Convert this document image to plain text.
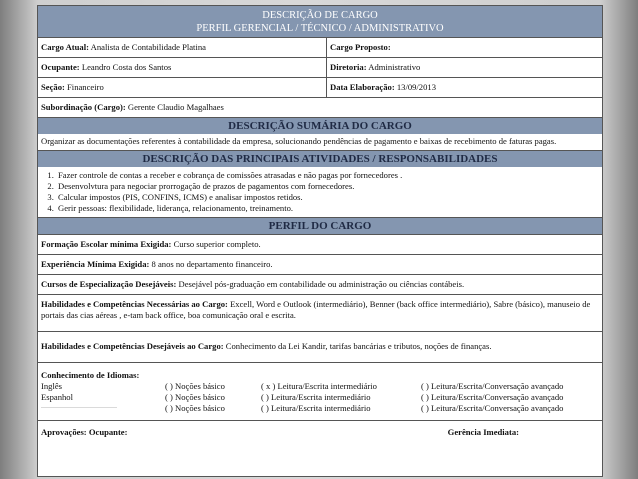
DESCRIÇÃO DE CARGO
PERFIL GERENCIAL / TÉCNICO / ADMINISTRATIVO
Cargo Atual: Analista de Contabilidade Platina	Cargo Proposto:
Ocupante: Leandro Costa dos Santos	Diretoria: Administrativo
Seção: Financeiro	Data Elaboração: 13/09/2013
Subordinação (Cargo): Gerente Claudio Magalhaes
DESCRIÇÃO SUMÁRIA DO CARGO
Organizar as documentações referentes à contabilidade da empresa, solucionando pendências de pagamento e baixas de recebimento de faturas pagas.
DESCRIÇÃO DAS PRINCIPAIS ATIVIDADES / RESPONSABILIDADES
1. Fazer controle de contas a receber e cobrança de comissões atrasadas e não pagas por fornecedores .
2. Desenvolvtura para negociar prorrogação de prazos de pagamentos com fornecedores.
3. Calcular impostos (PIS, CONFINS, ICMS) e analisar impostos retidos.
4. Gerir pessoas: flexibilidade, liderança, relacionamento, treinamento.
PERFIL DO CARGO
Formação Escolar mínima Exigida: Curso superior completo.
Experiência Mínima Exigida: 8 anos no departamento financeiro.
Cursos de Especialização Desejáveis: Desejável pós-graduação em contabilidade ou administração ou ciências contábeis.
Habilidades e Competências Necessárias ao Cargo: Excell, Word e Outlook (intermediário), Benner (back office intermediário), Sabre (básico), manuseio de portais das cias aéreas , e-tam back office, boa comunicação oral e escrita.
Habilidades e Competências Desejáveis ao Cargo: Conhecimento da Lei Kandir, tarifas bancárias e tributos, noções de finanças.
Conhecimento de Idiomas:
Inglês	( ) Noções básico	( x ) Leitura/Escrita intermediário	( ) Leitura/Escrita/Conversação avançado
Espanhol	( ) Noções básico	( ) Leitura/Escrita intermediário	( ) Leitura/Escrita/Conversação avançado
______________________________________	( ) Noções básico	( ) Leitura/Escrita intermediário	( ) Leitura/Escrita/Conversação avançado
Aprovações: Ocupante:	Gerência Imediata:
